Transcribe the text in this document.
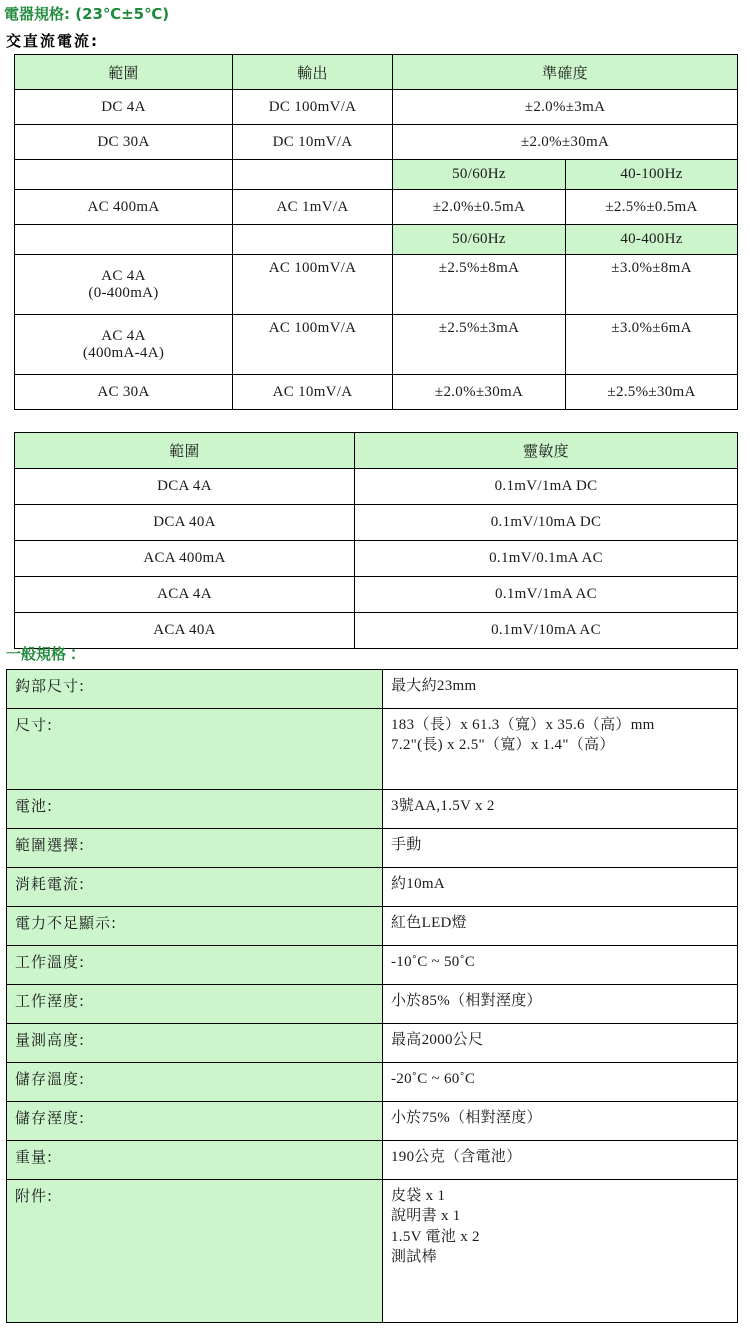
電器規格: (23℃±5℃)
交直流電流:
範圍	輸出	準確度	
DC 4A	DC 100mV/A	±2.0%±3mA	
DC 30A	DC 10mV/A	±2.0%±30mA	
		50/60Hz	40-100Hz
AC 400mA	AC 1mV/A	±2.0%±0.5mA	±2.5%±0.5mA
		50/60Hz	40-400Hz

AC 4A
(0-400mA)	AC 100mV/A	±2.5%±8mA	±3.0%±8mA

AC 4A
(400mA-4A)	AC 100mV/A	±2.5%±3mA	±3.0%±6mA
AC 30A	AC 10mV/A	±2.0%±30mA	±2.5%±30mA
範圍	靈敏度
DCA 4A	0.1mV/1mA DC
DCA 40A	0.1mV/10mA DC
ACA 400mA	0.1mV/0.1mA AC
ACA 4A	0.1mV/1mA AC
ACA 40A	0.1mV/10mA AC
一般規格：
鈎部尺寸:	最大約23mm
尺寸:	183（長）x 61.3（寬）x 35.6（高）mm
7.2"(長) x 2.5"（寬）x 1.4"（高）

電池:	3號AA,1.5V x 2
範圍選擇:	手動
消耗電流:	約10mA
電力不足顯示:	紅色LED燈
工作溫度:	-10˚C ~ 50˚C
工作溼度:	小於85%（相對溼度）
量測高度:	最高2000公尺
儲存溫度:	-20˚C ~ 60˚C
儲存溼度:	小於75%（相對溼度）
重量:	190公克（含電池）
附件:	皮袋 x 1
說明書 x 1
1.5V 電池 x 2
測試棒
